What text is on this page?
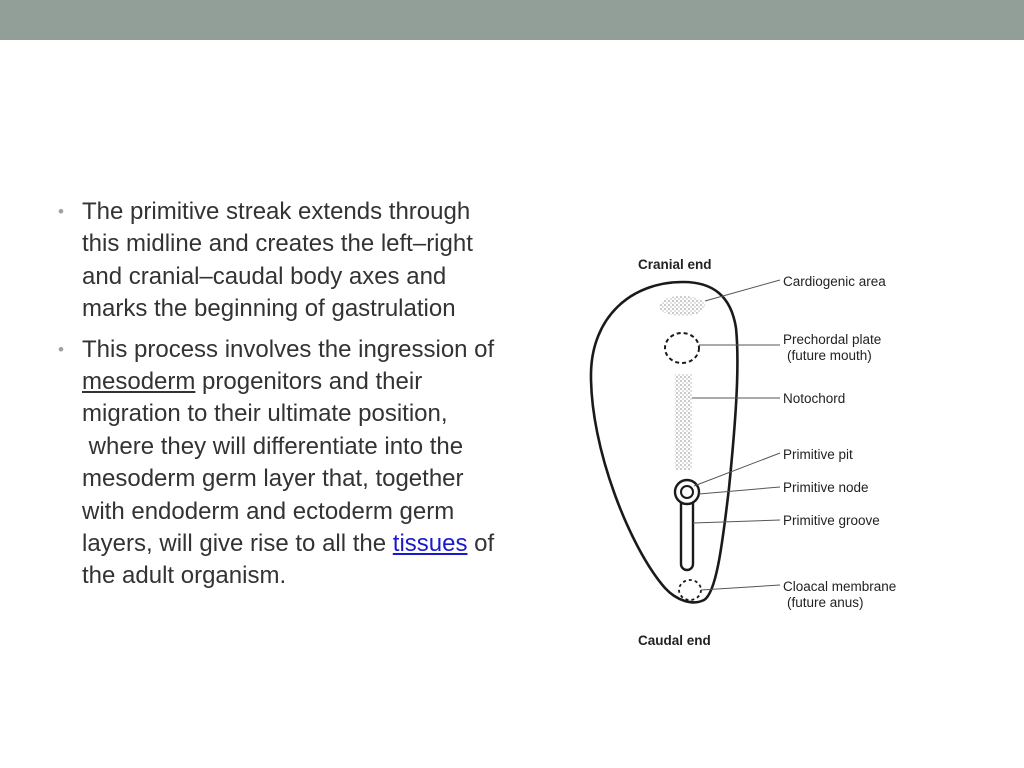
• The primitive streak extends through this midline and creates the left–right and cranial–caudal body axes and marks the beginning of gastrulation
• This process involves the ingression of mesoderm progenitors and their migration to their ultimate position,  where they will differentiate into the mesoderm germ layer that, together with endoderm and ectoderm germ layers, will give rise to all the tissues of the adult organism.
Cranial end
Cardiogenic area
Prechordal plate
(future mouth)
Notochord
Primitive pit
Primitive node
Primitive groove
Cloacal membrane
(future anus)
Caudal end
